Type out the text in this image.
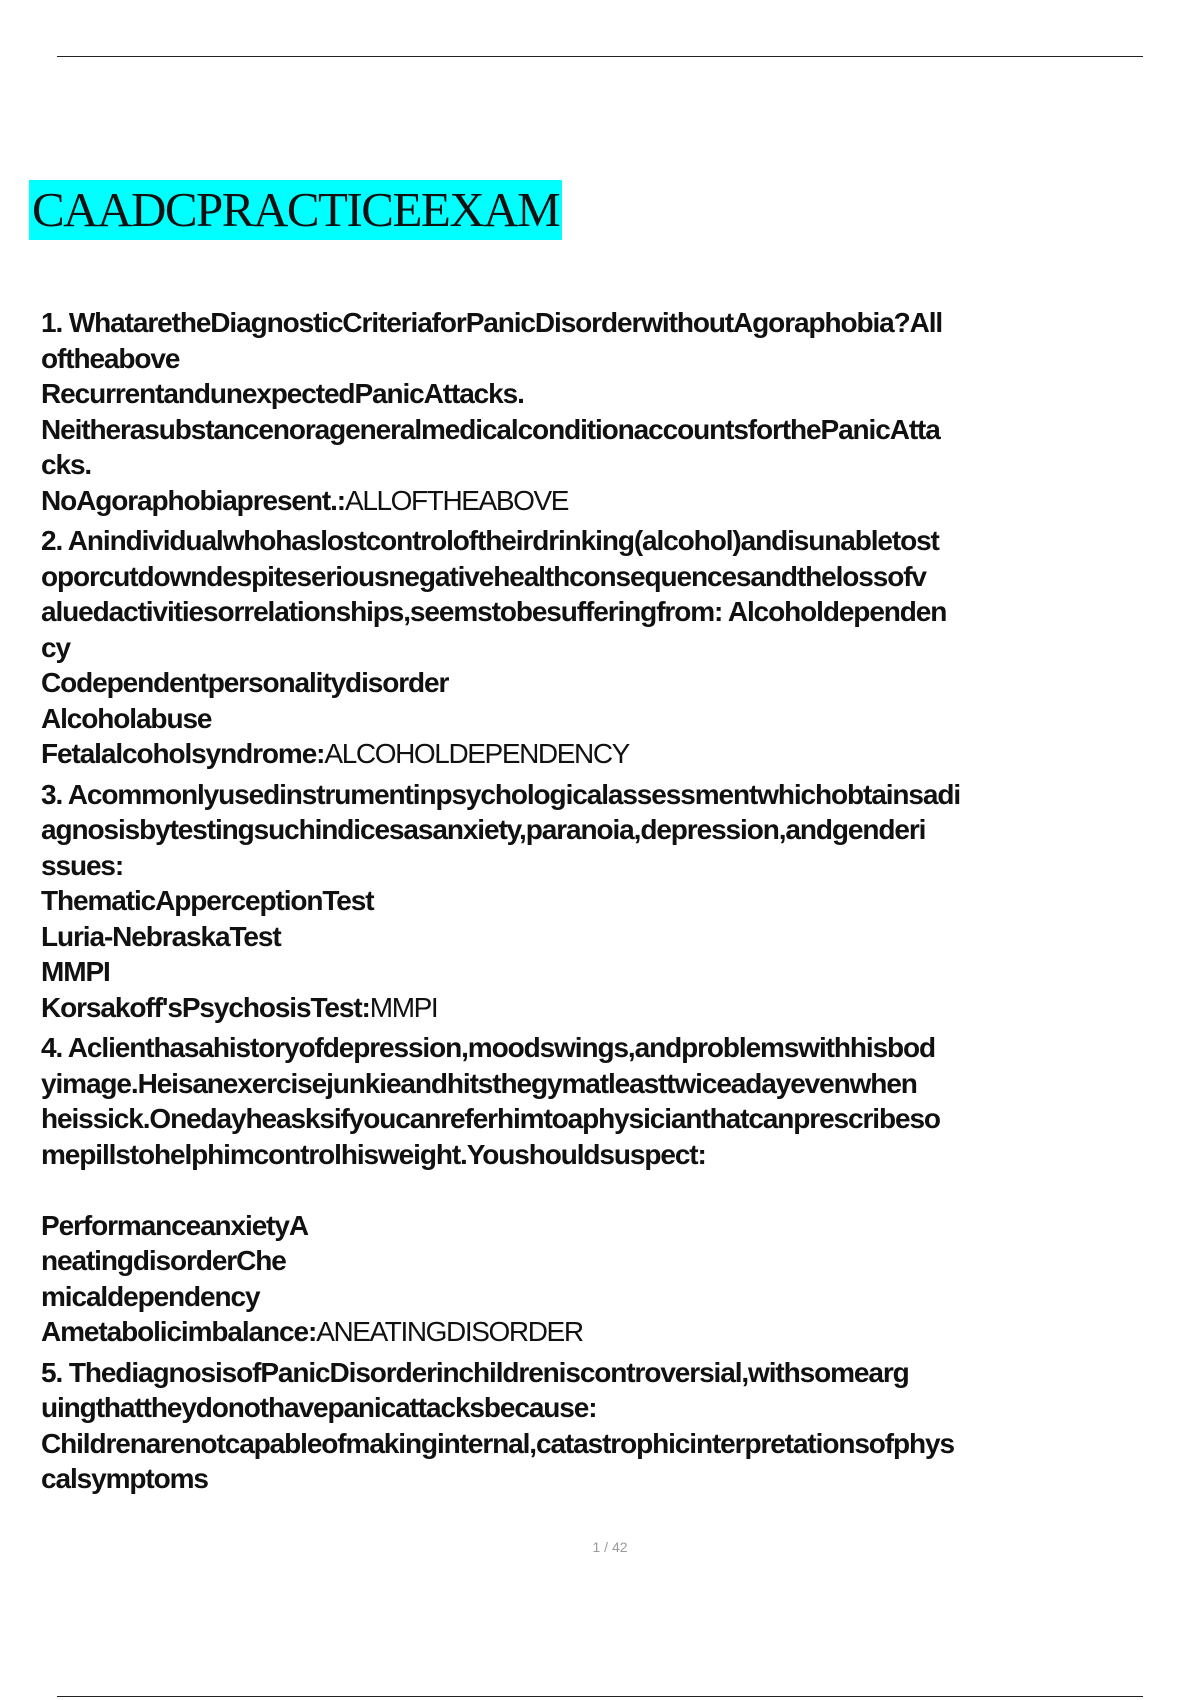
CAADCPRACTICEEXAM
1. WhataretheDiagnosticCriteriaforPanicDisorderwithoutAgoraphobia?All
oftheabove
RecurrentandunexpectedPanicAttacks.
NeitherasubstancenorageneralmedicalconditionaccountsforthePanicAtta
cks.
NoAgoraphobiapresent.:ALLOFTHEABOVE
2. Anindividualwhohaslostcontroloftheirdrinking(alcohol)andisunabletost
oporcutdowndespiteseriousnegativehealthconsequencesandthelossofv
aluedactivitiesorrelationships,seemstobesufferingfrom: Alcoholdependen
cy
Codependentpersonalitydisorder
Alcoholabuse
Fetalalcoholsyndrome:ALCOHOLDEPENDENCY
3. Acommonlyusedinstrumentinpsychologicalassessmentwhichobtainsadi
agnosisbytestingsuchindicesasanxiety,paranoia,depression,andgenderi
ssues:
ThematicApperceptionTest
Luria-NebraskaTest
MMPI
Korsakoff'sPsychosisTest:MMPI
4. Aclienthasahistoryofdepression,moodswings,andproblemswithhisbod
yimage.Heisanexercisejunkieandhitsthegymatleasttwiceadayevenwhen
heissick.Onedayheasksifyoucanreferhimtoaphysicianthatcanprescribeso
mepillstohelphimcontrolhisweight.Youshouldsuspect:
PerformanceanxietyA
neatingdisorderChe
micaldependency
Ametabolicimbalance:ANEATINGDISORDER
5. ThediagnosisofPanicDisorderinchildreniscontroversial,withsomearg
uingthattheydonothavepanicattacksbecause:
Childrenarenotcapableofmakinginternal,catastrophicinterpretationsofphys
calsymptoms
1 / 42
